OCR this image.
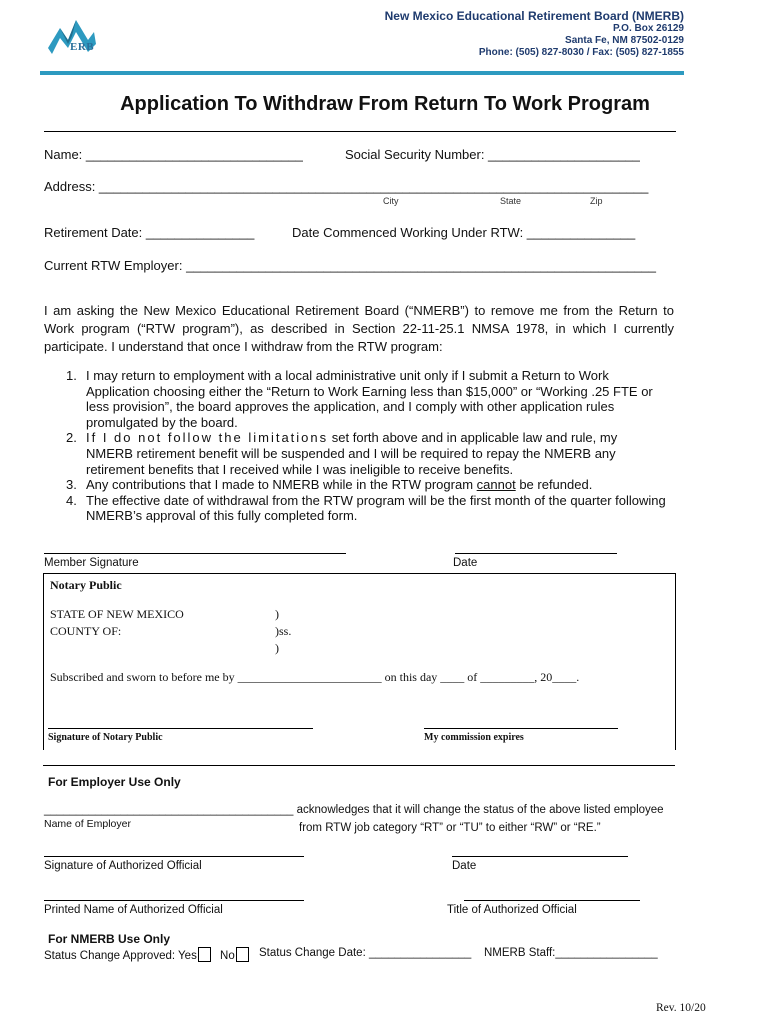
ERB
New Mexico Educational Retirement Board (NMERB)
P.O. Box 26129
Santa Fe, NM 87502-0129
Phone: (505) 827-8030 / Fax: (505) 827-1855
Application To Withdraw From Return To Work Program
Name: ______________________________	Social Security Number: _____________________
Address: ____________________________________________________________________________
City	State	Zip
Retirement Date: _______________	Date Commenced Working Under RTW: _______________
Current RTW Employer: _________________________________________________________________
I am asking the New Mexico Educational Retirement Board (“NMERB”) to remove me from the Return to Work program (“RTW program”), as described in Section 22-11-25.1 NMSA 1978, in which I currently participate. I understand that once I withdraw from the RTW program:
1. I may return to employment with a local administrative unit only if I submit a Return to Work Application choosing either the “Return to Work Earning less than $15,000” or “Working .25 FTE or less provision”, the board approves the application, and I comply with other application rules promulgated by the board.
2. If I do not follow the limitations set forth above and in applicable law and rule, my NMERB retirement benefit will be suspended and I will be required to repay the NMERB any retirement benefits that I received while I was ineligible to receive benefits.
3. Any contributions that I made to NMERB while in the RTW program cannot be refunded.
4. The effective date of withdrawal from the RTW program will be the first month of the quarter following NMERB’s approval of this fully completed form.
Member Signature	Date
Notary Public
STATE OF NEW MEXICO
COUNTY OF:
)
)ss.
)
Subscribed and sworn to before me by ________________________ on this day ____ of _________, 20____.
Signature of Notary Public	My commission expires
For Employer Use Only
_______________________________________ acknowledges that it will change the status of the above listed employee
Name of Employer	from RTW job category “RT” or “TU” to either “RW” or “RE.”
Signature of Authorized Official	Date
Printed Name of Authorized Official	Title of Authorized Official
For NMERB Use Only
Status Change Approved: Yes No	Status Change Date: ________________ NMERB Staff:________________
Rev. 10/20
